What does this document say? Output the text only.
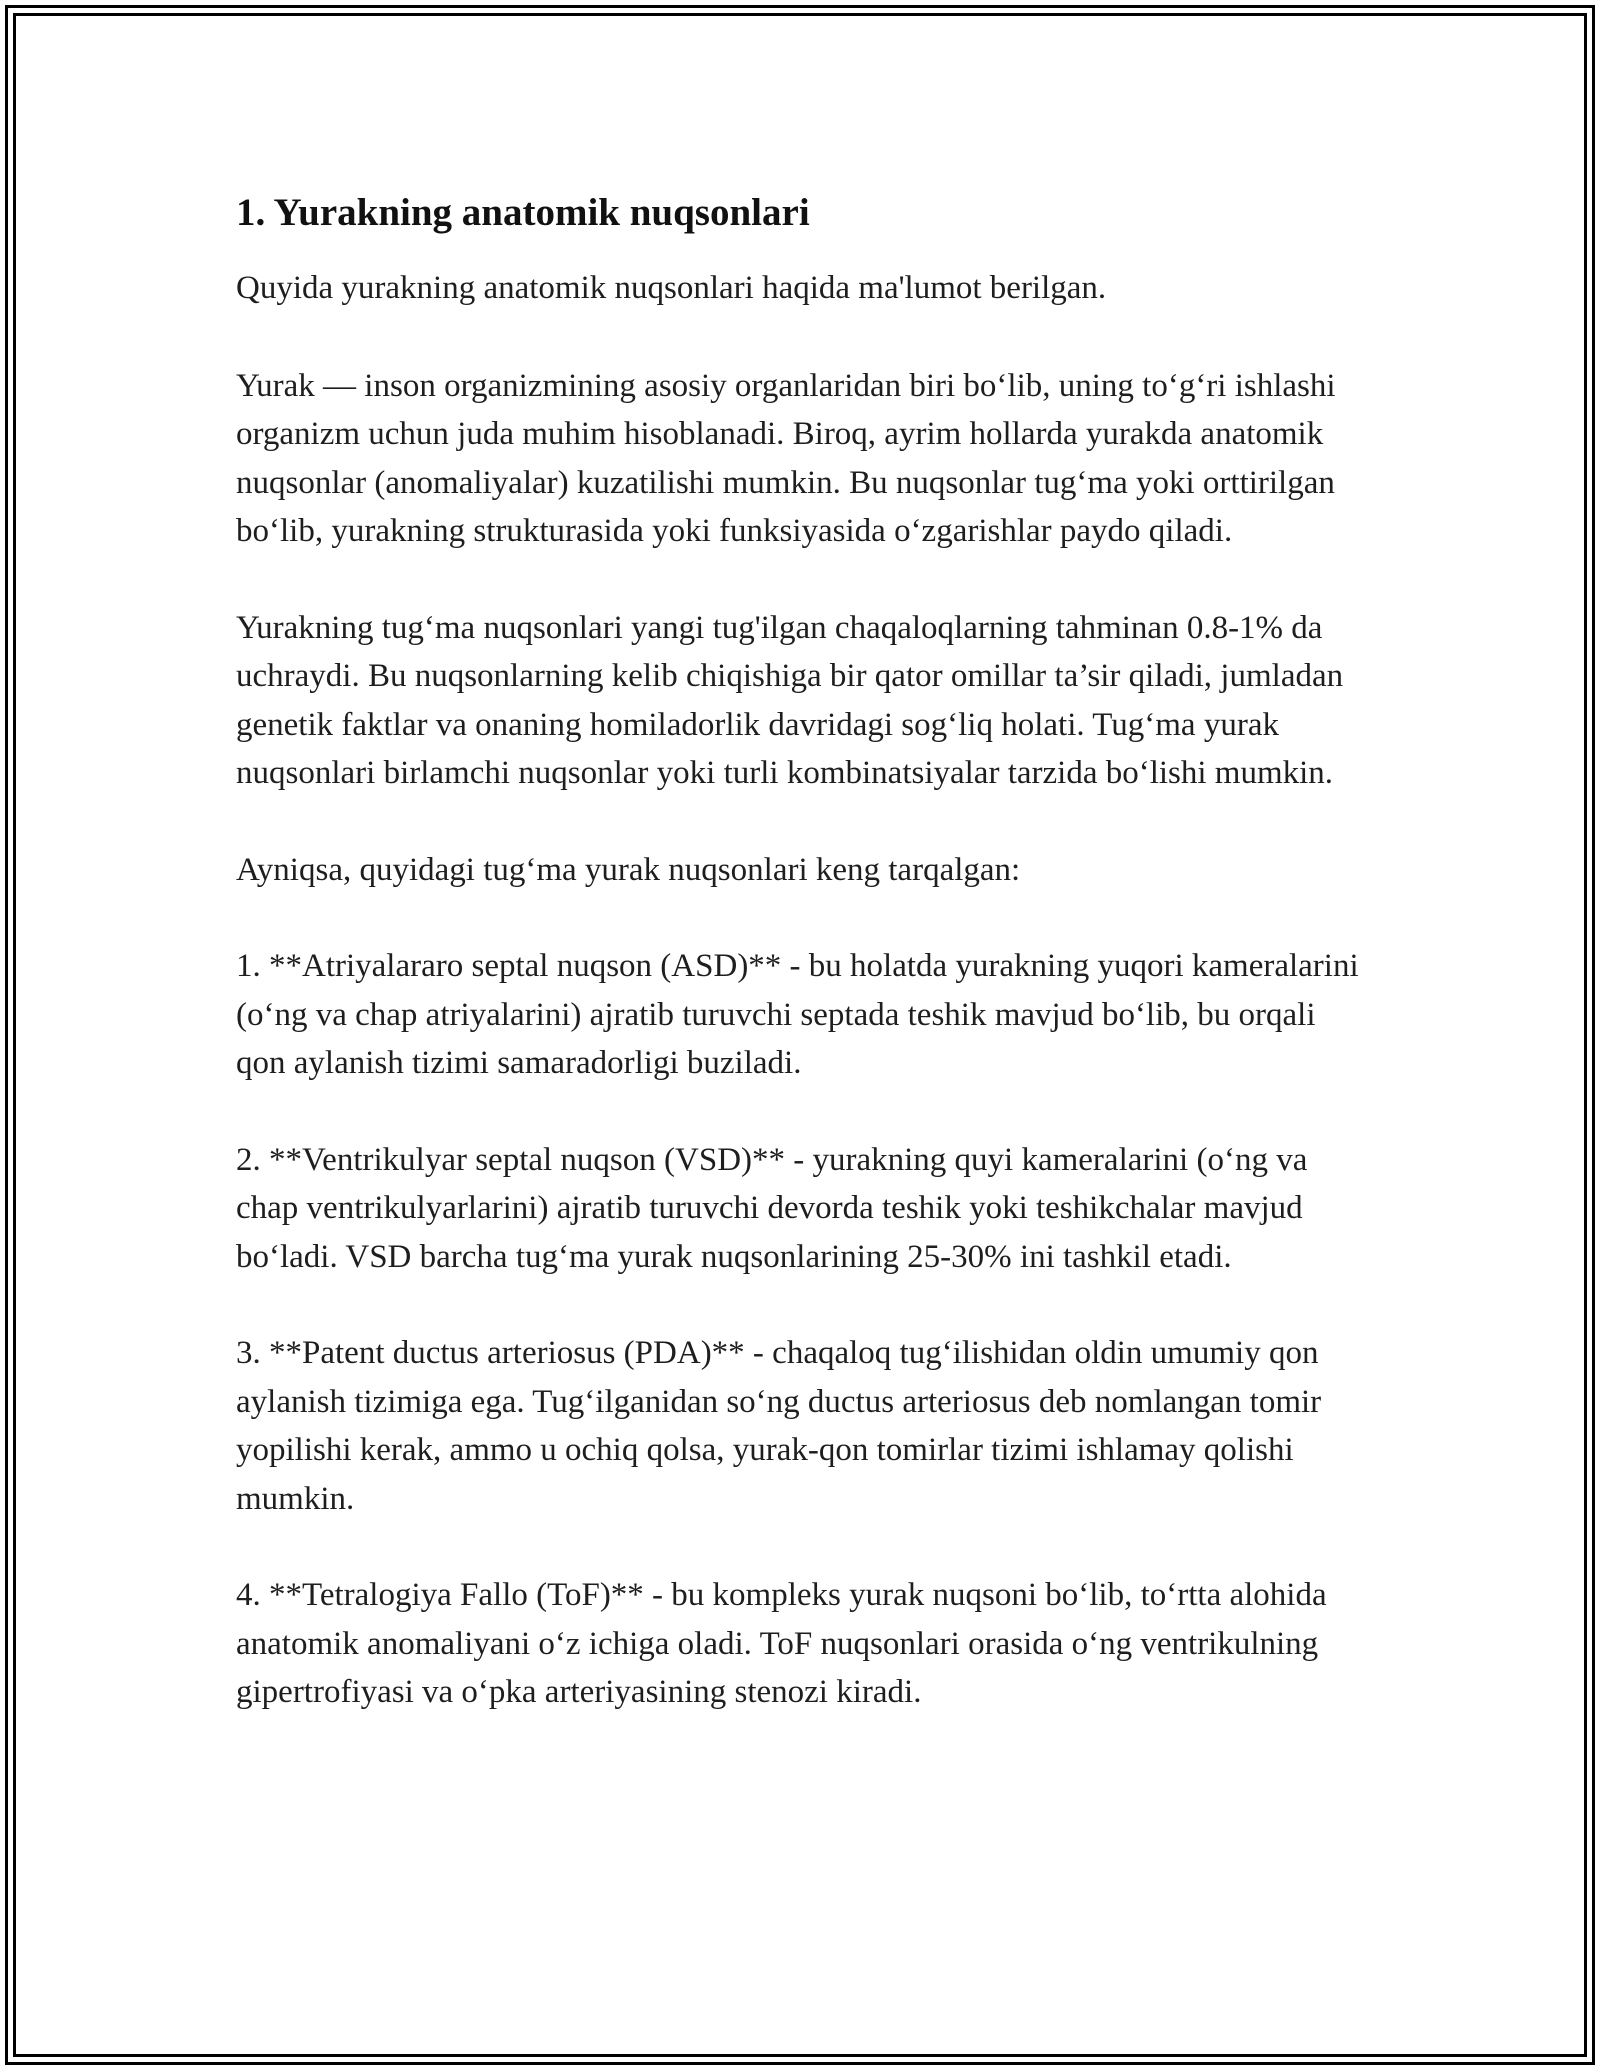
1. Yurakning anatomik nuqsonlari

Quyida yurakning anatomik nuqsonlari haqida ma'lumot berilgan.

Yurak — inson organizmining asosiy organlaridan biri bo‘lib, uning to‘g‘ri ishlashi organizm uchun juda muhim hisoblanadi. Biroq, ayrim hollarda yurakda anatomik nuqsonlar (anomaliyalar) kuzatilishi mumkin. Bu nuqsonlar tug‘ma yoki orttirilgan bo‘lib, yurakning strukturasida yoki funksiyasida o‘zgarishlar paydo qiladi.

Yurakning tug‘ma nuqsonlari yangi tug'ilgan chaqaloqlarning tahminan 0.8-1% da uchraydi. Bu nuqsonlarning kelib chiqishiga bir qator omillar ta’sir qiladi, jumladan genetik faktlar va onaning homiladorlik davridagi sog‘liq holati. Tug‘ma yurak nuqsonlari birlamchi nuqsonlar yoki turli kombinatsiyalar tarzida bo‘lishi mumkin.

Ayniqsa, quyidagi tug‘ma yurak nuqsonlari keng tarqalgan:

1. **Atriyalararo septal nuqson (ASD)** - bu holatda yurakning yuqori kameralarini (o‘ng va chap atriyalarini) ajratib turuvchi septada teshik mavjud bo‘lib, bu orqali qon aylanish tizimi samaradorligi buziladi.

2. **Ventrikulyar septal nuqson (VSD)** - yurakning quyi kameralarini (o‘ng va chap ventrikulyarlarini) ajratib turuvchi devorda teshik yoki teshikchalar mavjud bo‘ladi. VSD barcha tug‘ma yurak nuqsonlarining 25-30% ini tashkil etadi.

3. **Patent ductus arteriosus (PDA)** - chaqaloq tug‘ilishidan oldin umumiy qon aylanish tizimiga ega. Tug‘ilganidan so‘ng ductus arteriosus deb nomlangan tomir yopilishi kerak, ammo u ochiq qolsa, yurak-qon tomirlar tizimi ishlamay qolishi mumkin.

4. **Tetralogiya Fallo (ToF)** - bu kompleks yurak nuqsoni bo‘lib, to‘rtta alohida anatomik anomaliyani o‘z ichiga oladi. ToF nuqsonlari orasida o‘ng ventrikulning gipertrofiyasi va o‘pka arteriyasining stenozi kiradi.
